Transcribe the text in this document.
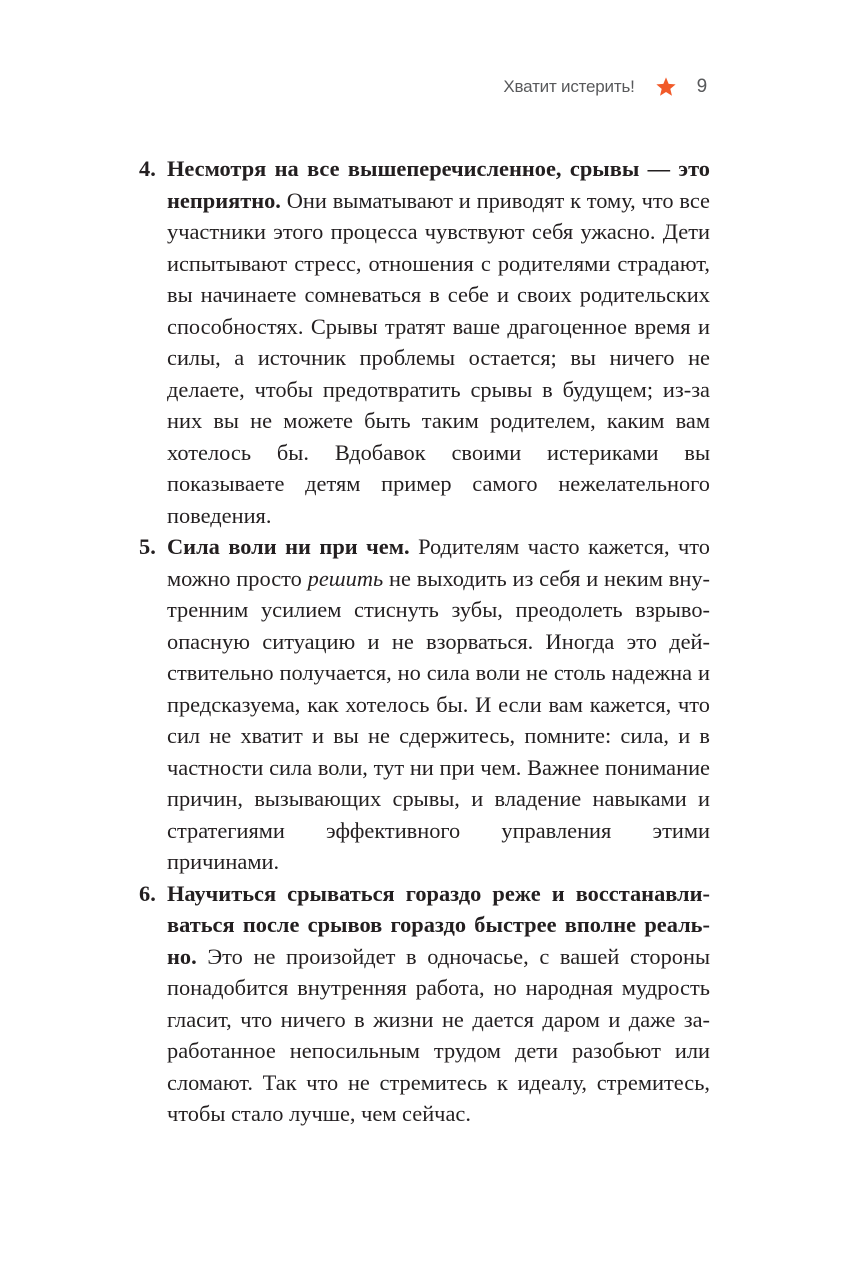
Хватит истерить!	9
4. Несмотря на все вышеперечисленное, срывы — это неприятно. Они выматывают и приводят к тому, что все участники этого процесса чувствуют себя ужасно. Дети испытывают стресс, отношения с родителями страдают, вы начинаете сомневаться в себе и своих родительских способностях. Срывы тратят ваше драгоценное время и силы, а источник проблемы остается; вы ничего не делаете, чтобы предотвратить срывы в будущем; из-за них вы не можете быть таким родителем, каким вам хотелось бы. Вдобавок своими истериками вы показываете детям пример самого нежелательного поведения.
5. Сила воли ни при чем. Родителям часто кажется, что можно просто решить не выходить из себя и неким внутренним усилием стиснуть зубы, преодолеть взрывоопасную ситуацию и не взорваться. Иногда это действительно получается, но сила воли не столь надежна и предсказуема, как хотелось бы. И если вам кажется, что сил не хватит и вы не сдержитесь, помните: сила, и в частности сила воли, тут ни при чем. Важнее понимание причин, вызывающих срывы, и владение навыками и стратегиями эффективного управления этими причинами.
6. Научиться срываться гораздо реже и восстанавливаться после срывов гораздо быстрее вполне реально. Это не произойдет в одночасье, с вашей стороны понадобится внутренняя работа, но народная мудрость гласит, что ничего в жизни не дается даром и даже заработанное непосильным трудом дети разобьют или сломают. Так что не стремитесь к идеалу, стремитесь, чтобы стало лучше, чем сейчас.
